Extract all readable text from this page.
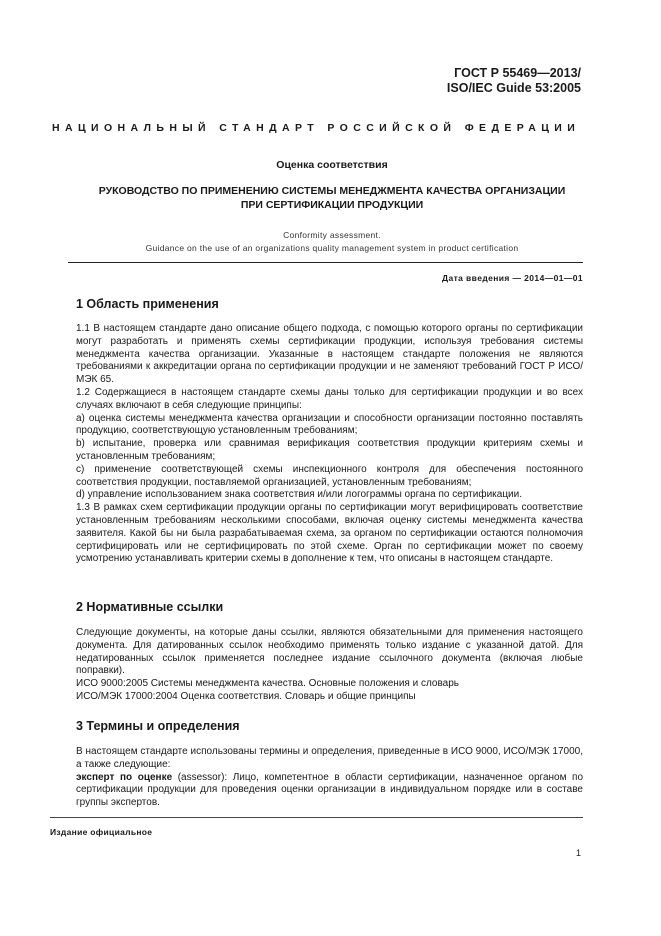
ГОСТ Р 55469—2013/
ISO/IEC Guide 53:2005
НАЦИОНАЛЬНЫЙ СТАНДАРТ РОССИЙСКОЙ ФЕДЕРАЦИИ
Оценка соответствия
РУКОВОДСТВО ПО ПРИМЕНЕНИЮ СИСТЕМЫ МЕНЕДЖМЕНТА КАЧЕСТВА ОРГАНИЗАЦИИ
ПРИ СЕРТИФИКАЦИИ ПРОДУКЦИИ
Conformity assessment.
Guidance on the use of an organizations quality management system in product certification
Дата введения — 2014—01—01
1 Область применения

1.1 В настоящем стандарте дано описание общего подхода, с помощью которого органы по сертификации могут разработать и применять схемы сертификации продукции, используя требования системы менеджмента качества организации. Указанные в настоящем стандарте положения не являются требованиями к аккредитации органа по сертификации продукции и не заменяют требований ГОСТ Р ИСО/МЭК 65.

1.2 Содержащиеся в настоящем стандарте схемы даны только для сертификации продукции и во всех случаях включают в себя следующие принципы:

a) оценка системы менеджмента качества организации и способности организации постоянно поставлять продукцию, соответствующую установленным требованиям;

b) испытание, проверка или сравнимая верификация соответствия продукции критериям схемы и установленным требованиям;

c) применение соответствующей схемы инспекционного контроля для обеспечения постоянного соответствия продукции, поставляемой организацией, установленным требованиям;

d) управление использованием знака соответствия и/или логограммы органа по сертификации.

1.3 В рамках схем сертификации продукции органы по сертификации могут верифицировать соответствие установленным требованиям несколькими способами, включая оценку системы менеджмента качества заявителя. Какой бы ни была разрабатываемая схема, за органом по сертификации остаются полномочия сертифицировать или не сертифицировать по этой схеме. Орган по сертификации может по своему усмотрению устанавливать критерии схемы в дополнение к тем, что описаны в настоящем стандарте.

2 Нормативные ссылки

Следующие документы, на которые даны ссылки, являются обязательными для применения настоящего документа. Для датированных ссылок необходимо применять только издание с указанной датой. Для недатированных ссылок применяется последнее издание ссылочного документа (включая любые поправки).

ИСО 9000:2005 Системы менеджмента качества. Основные положения и словарь

ИСО/МЭК 17000:2004 Оценка соответствия. Словарь и общие принципы

3 Термины и определения

В настоящем стандарте использованы термины и определения, приведенные в ИСО 9000, ИСО/МЭК 17000, а также следующие:

эксперт по оценке (assessor): Лицо, компетентное в области сертификации, назначенное органом по сертификации продукции для проведения оценки организации в индивидуальном порядке или в составе группы экспертов.

Издание официальное
1
